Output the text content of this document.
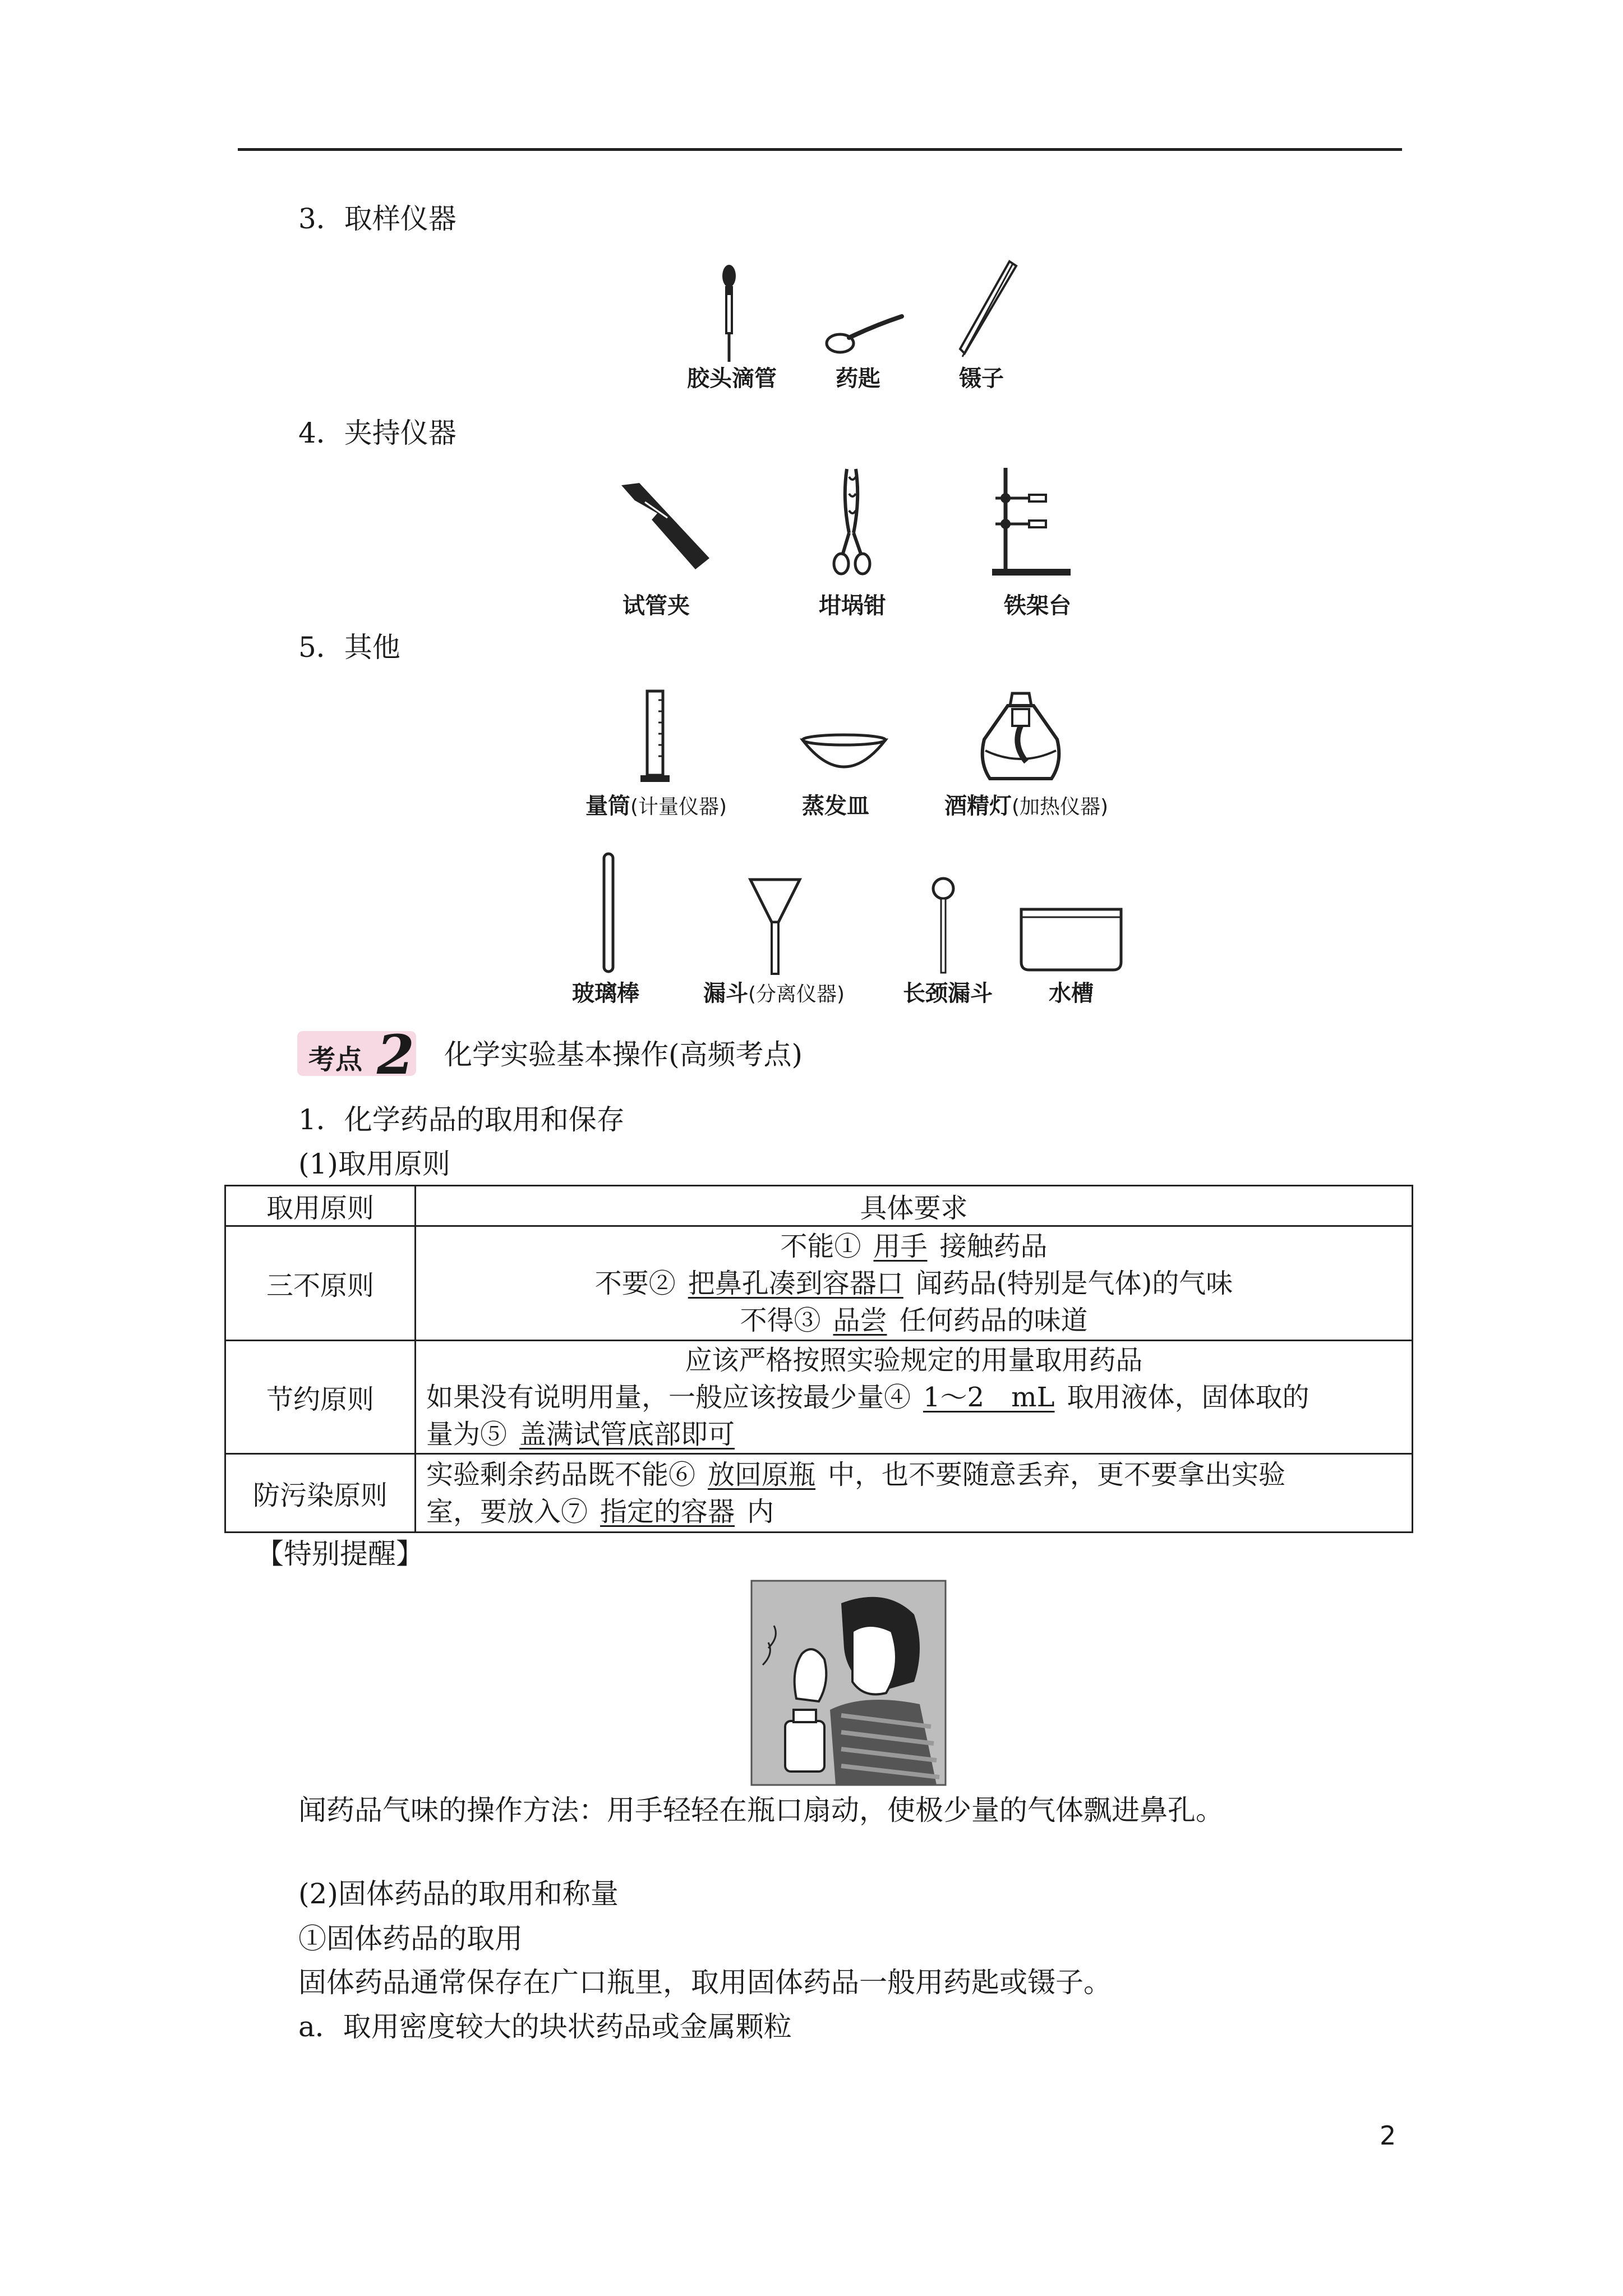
3．取样仪器
胶头滴管	药匙	镊子
4．夹持仪器
试管夹	坩埚钳	铁架台
5．其他
量筒(计量仪器)	蒸发皿	酒精灯(加热仪器)
玻璃棒	漏斗(分离仪器)	长颈漏斗	水槽
考点 2 化学实验基本操作(高频考点)
1．化学药品的取用和保存
(1)取用原则
取用原则	具体要求
三不原则	不能① 用手 接触药品
不要② 把鼻孔凑到容器口 闻药品(特别是气体)的气味
不得③ 品尝 任何药品的味道

节约原则	应该严格按照实验规定的用量取用药品
如果没有说明用量，一般应该按最少量④ 1～2　mL 取用液体，固体取的
量为⑤ 盖满试管底部即可

防污染原则	实验剩余药品既不能⑥ 放回原瓶 中，也不要随意丢弃，更不要拿出实验
室，要放入⑦ 指定的容器 内
【特别提醒】
闻药品气味的操作方法：用手轻轻在瓶口扇动，使极少量的气体飘进鼻孔。
(2)固体药品的取用和称量
①固体药品的取用
固体药品通常保存在广口瓶里，取用固体药品一般用药匙或镊子。
a．取用密度较大的块状药品或金属颗粒
2
